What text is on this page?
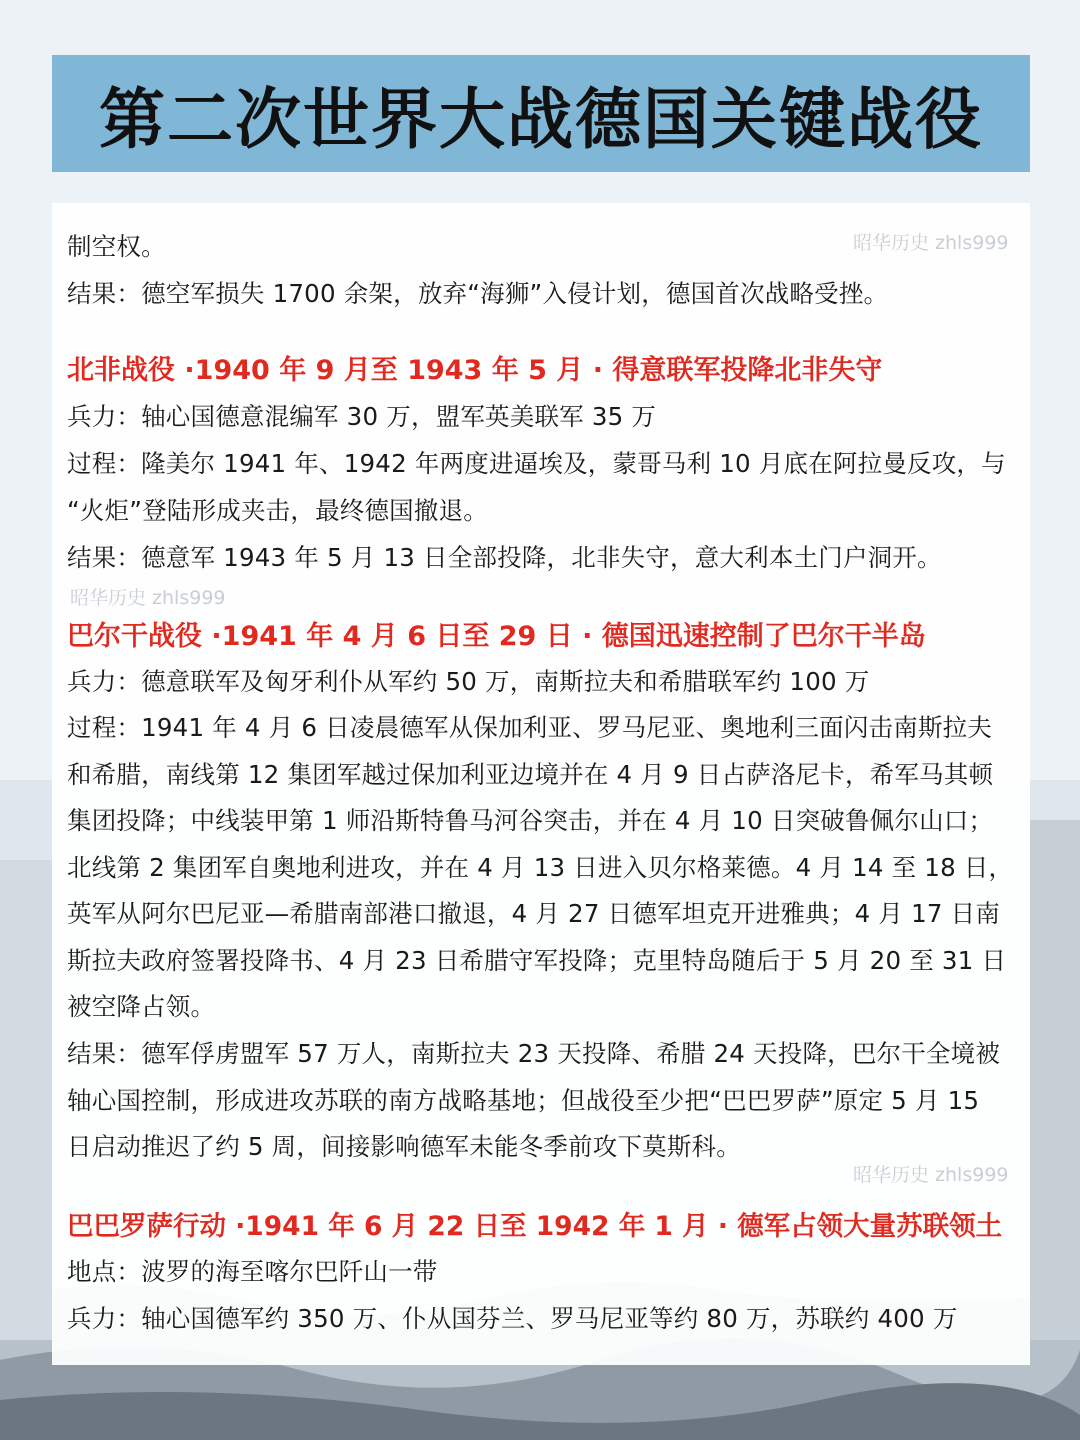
第二次世界大战德国关键战役
昭华历史 zhls999
昭华历史 zhls999
昭华历史 zhls999
制空权。
结果：德空军损失 1700 余架，放弃“海狮”入侵计划，德国首次战略受挫。
北非战役 ·1940 年 9 月至 1943 年 5 月 · 得意联军投降北非失守
兵力：轴心国德意混编军 30 万，盟军英美联军 35 万
过程：隆美尔 1941 年、1942 年两度进逼埃及，蒙哥马利 10 月底在阿拉曼反攻，与
“火炬”登陆形成夹击，最终德国撤退。
结果：德意军 1943 年 5 月 13 日全部投降，北非失守，意大利本土门户洞开。
巴尔干战役 ·1941 年 4 月 6 日至 29 日 · 德国迅速控制了巴尔干半岛
兵力：德意联军及匈牙利仆从军约 50 万，南斯拉夫和希腊联军约 100 万
过程：1941 年 4 月 6 日凌晨德军从保加利亚、罗马尼亚、奥地利三面闪击南斯拉夫
和希腊，南线第 12 集团军越过保加利亚边境并在 4 月 9 日占萨洛尼卡，希军马其顿
集团投降；中线装甲第 1 师沿斯特鲁马河谷突击，并在 4 月 10 日突破鲁佩尔山口；
北线第 2 集团军自奥地利进攻，并在 4 月 13 日进入贝尔格莱德。4 月 14 至 18 日，
英军从阿尔巴尼亚—希腊南部港口撤退，4 月 27 日德军坦克开进雅典；4 月 17 日南
斯拉夫政府签署投降书、4 月 23 日希腊守军投降；克里特岛随后于 5 月 20 至 31 日
被空降占领。
结果：德军俘虏盟军 57 万人，南斯拉夫 23 天投降、希腊 24 天投降，巴尔干全境被
轴心国控制，形成进攻苏联的南方战略基地；但战役至少把“巴巴罗萨”原定 5 月 15
日启动推迟了约 5 周，间接影响德军未能冬季前攻下莫斯科。
巴巴罗萨行动 ·1941 年 6 月 22 日至 1942 年 1 月 · 德军占领大量苏联领土
地点：波罗的海至喀尔巴阡山一带
兵力：轴心国德军约 350 万、仆从国芬兰、罗马尼亚等约 80 万，苏联约 400 万
